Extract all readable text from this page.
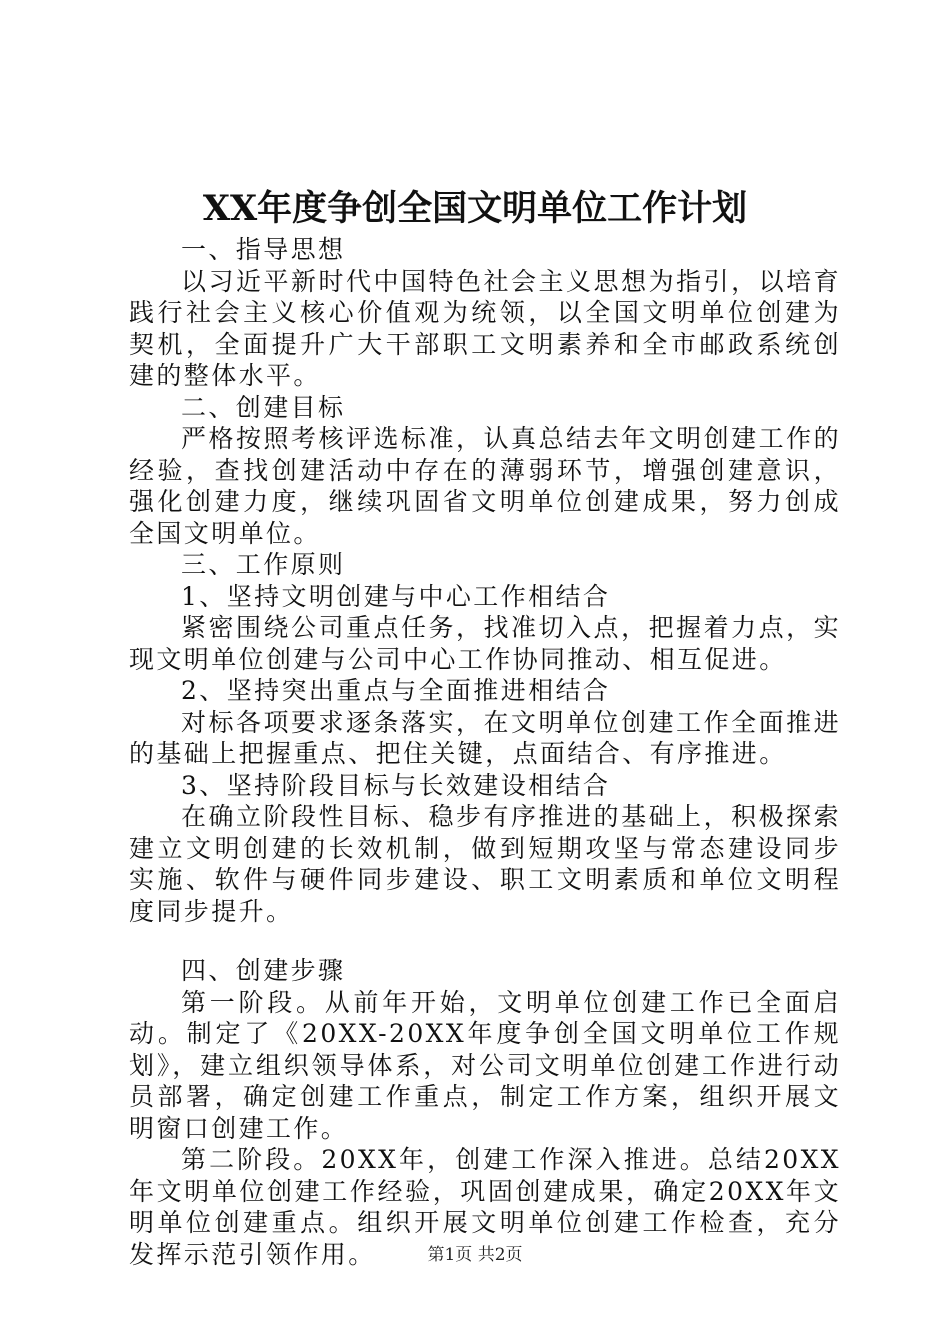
XX年度争创全国文明单位工作计划

一、指导思想

以习近平新时代中国特色社会主义思想为指引，以培育践行社会主义核心价值观为统领，以全国文明单位创建为契机，全面提升广大干部职工文明素养和全市邮政系统创建的整体水平。

二、创建目标

严格按照考核评选标准，认真总结去年文明创建工作的经验，查找创建活动中存在的薄弱环节，增强创建意识，强化创建力度，继续巩固省文明单位创建成果，努力创成全国文明单位。

三、工作原则

1、坚持文明创建与中心工作相结合

紧密围绕公司重点任务，找准切入点，把握着力点，实现文明单位创建与公司中心工作协同推动、相互促进。

2、坚持突出重点与全面推进相结合

对标各项要求逐条落实，在文明单位创建工作全面推进的基础上把握重点、把住关键，点面结合、有序推进。

3、坚持阶段目标与长效建设相结合

在确立阶段性目标、稳步有序推进的基础上，积极探索建立文明创建的长效机制，做到短期攻坚与常态建设同步实施、软件与硬件同步建设、职工文明素质和单位文明程度同步提升。

四、创建步骤

第一阶段。从前年开始，文明单位创建工作已全面启动。制定了《20XX-20XX年度争创全国文明单位工作规划》，建立组织领导体系，对公司文明单位创建工作进行动员部署，确定创建工作重点，制定工作方案，组织开展文明窗口创建工作。

第二阶段。20XX年，创建工作深入推进。总结20XX年文明单位创建工作经验，巩固创建成果，确定20XX年文明单位创建重点。组织开展文明单位创建工作检查，充分发挥示范引领作用。	第1页 共2页
